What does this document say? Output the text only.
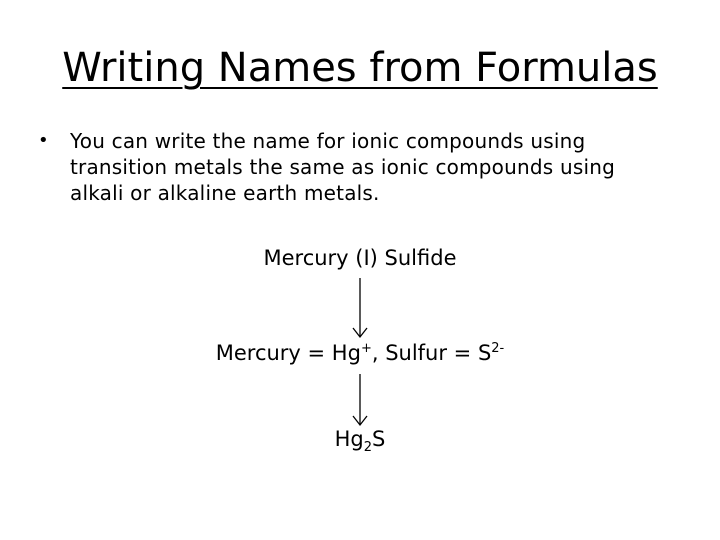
Writing Names from Formulas
• You can write the name for ionic compounds using transition metals the same as ionic compounds using alkali or alkaline earth metals.
Mercury (I) Sulfide
Mercury = Hg+, Sulfur = $S^{2-}$
$Hg_2S$
